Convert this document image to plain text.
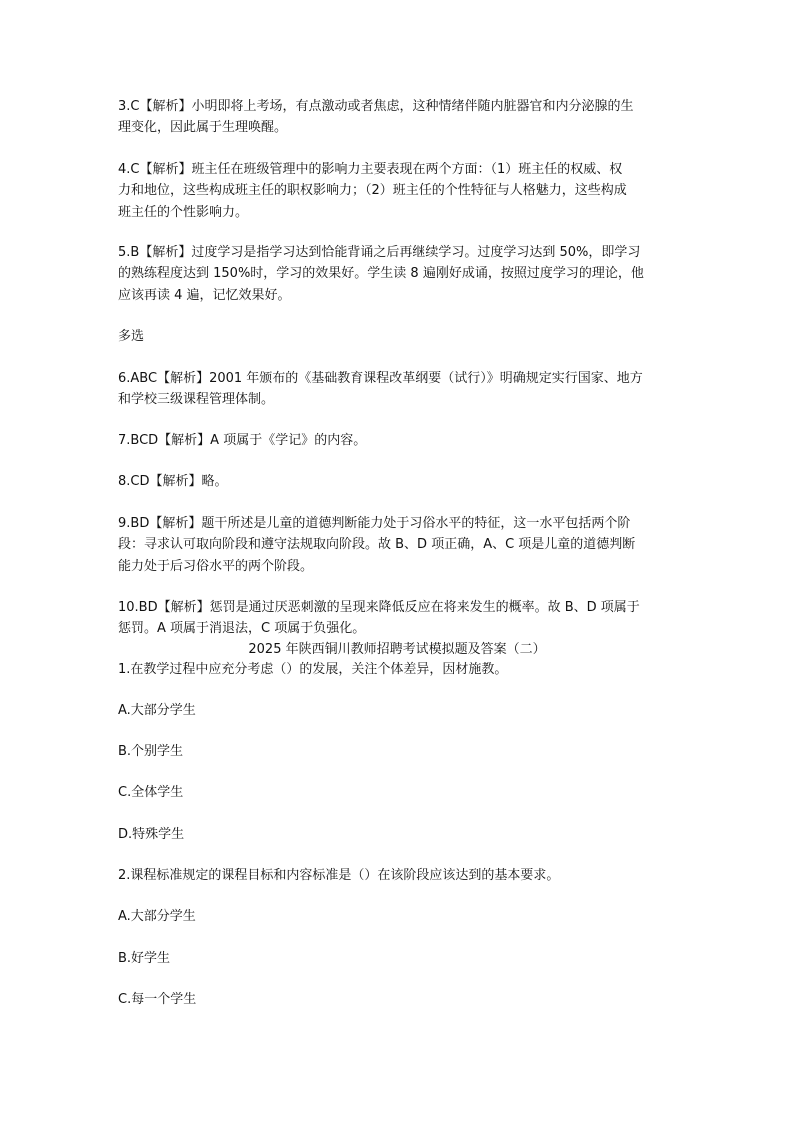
3.C【解析】小明即将上考场，有点激动或者焦虑，这种情绪伴随内脏器官和内分泌腺的生
理变化，因此属于生理唤醒。
4.C【解析】班主任在班级管理中的影响力主要表现在两个方面：（1）班主任的权威、权
力和地位，这些构成班主任的职权影响力；（2）班主任的个性特征与人格魅力，这些构成
班主任的个性影响力。
5.B【解析】过度学习是指学习达到恰能背诵之后再继续学习。过度学习达到 50%，即学习
的熟练程度达到 150%时，学习的效果好。学生读 8 遍刚好成诵，按照过度学习的理论，他
应该再读 4 遍，记忆效果好。
多选
6.ABC【解析】2001 年颁布的《基础教育课程改革纲要（试行）》明确规定实行国家、地方
和学校三级课程管理体制。
7.BCD【解析】A 项属于《学记》的内容。
8.CD【解析】略。
9.BD【解析】题干所述是儿童的道德判断能力处于习俗水平的特征，这一水平包括两个阶
段：寻求认可取向阶段和遵守法规取向阶段。故 B、D 项正确，A、C 项是儿童的道德判断
能力处于后习俗水平的两个阶段。
10.BD【解析】惩罚是通过厌恶刺激的呈现来降低反应在将来发生的概率。故 B、D 项属于
惩罚。A 项属于消退法，C 项属于负强化。
2025 年陕西铜川教师招聘考试模拟题及答案（二）
1.在教学过程中应充分考虑（）的发展，关注个体差异，因材施教。
A.大部分学生
B.个别学生
C.全体学生
D.特殊学生
2.课程标准规定的课程目标和内容标准是（）在该阶段应该达到的基本要求。
A.大部分学生
B.好学生
C.每一个学生
